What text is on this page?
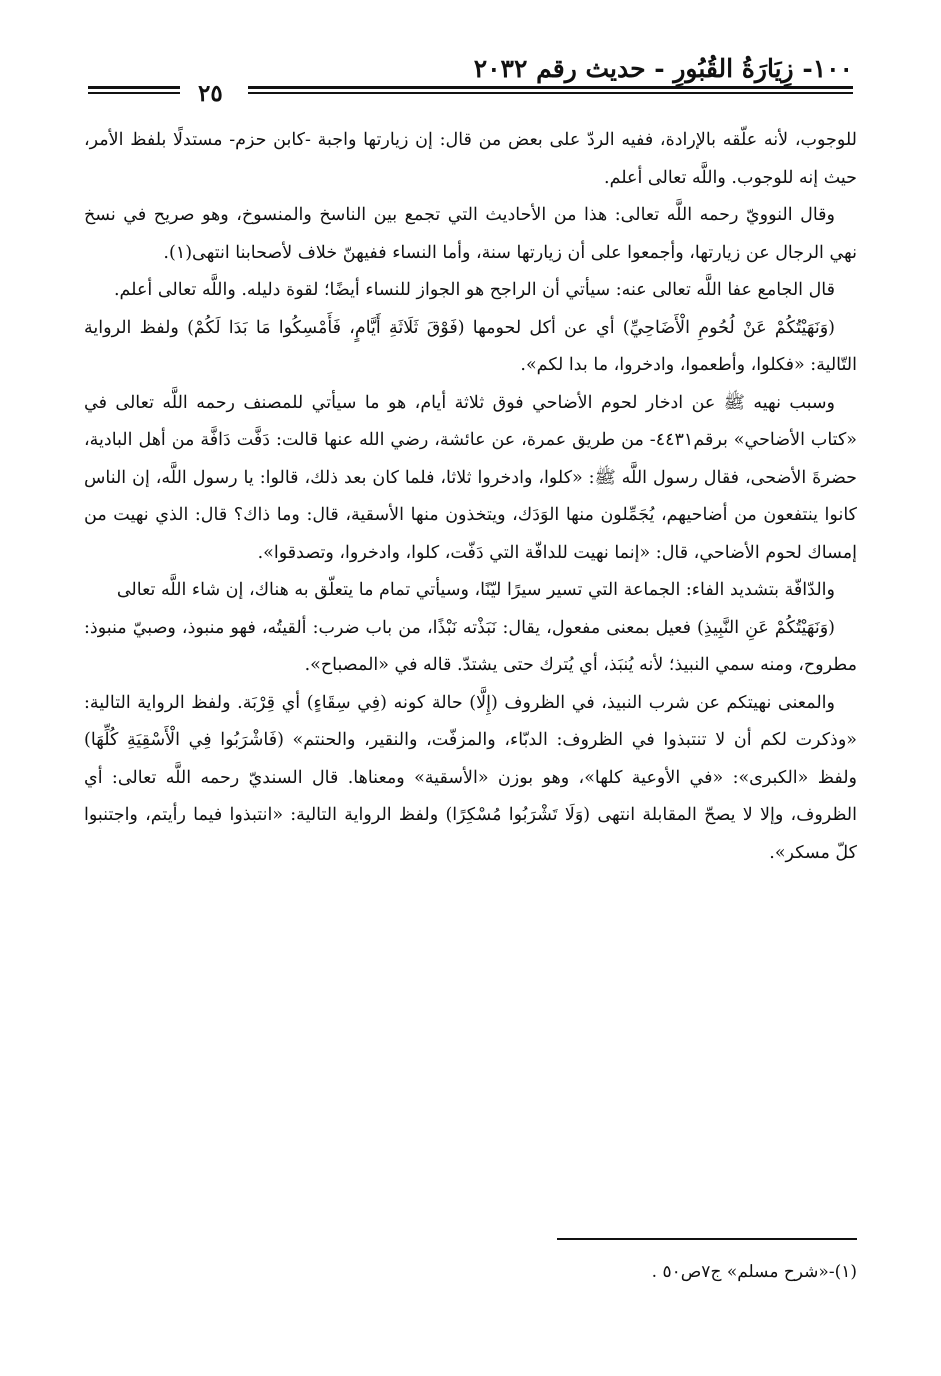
١٠٠- زِيَارَةُ القُبُورِ - حديث رقم ٢٠٣٢
٢٥

للوجوب، لأنه علّقه بالإرادة، ففيه الردّ على بعض من قال: إن زيارتها واجبة -كابن حزم- مستدلًا بلفظ الأمر، حيث إنه للوجوب. واللَّه تعالى أعلم.

وقال النوويّ رحمه اللَّه تعالى: هذا من الأحاديث التي تجمع بين الناسخ والمنسوخ، وهو صريح في نسخ نهي الرجال عن زيارتها، وأجمعوا على أن زيارتها سنة، وأما النساء ففيهنّ خلاف لأصحابنا انتهى(١).

قال الجامع عفا اللَّه تعالى عنه: سيأتي أن الراجح هو الجواز للنساء أيضًا؛ لقوة دليله. واللَّه تعالى أعلم.

(وَنَهَيْتُكُمْ عَنْ لُحُومِ الْأَضَاحِيِّ) أي عن أكل لحومها (فَوْقَ ثَلَاثَةِ أَيَّامٍ، فَأَمْسِكُوا مَا بَدَا لَكُمْ) ولفظ الرواية التّالية: «فكلوا، وأطعموا، وادخروا، ما بدا لكم».

وسبب نهيه ﷺ عن ادخار لحوم الأضاحي فوق ثلاثة أيام، هو ما سيأتي للمصنف رحمه اللَّه تعالى في «كتاب الأضاحي» برقم٤٤٣١- من طريق عمرة، عن عائشة، رضي الله عنها قالت: دَفَّت دَافَّة من أهل البادية، حضرةَ الأضحى، فقال رسول اللَّه ﷺ: «كلوا، وادخروا ثلاثا، فلما كان بعد ذلك، قالوا: يا رسول اللَّه، إن الناس كانوا ينتفعون من أضاحيهم، يُجَمِّلون منها الوَدَك، ويتخذون منها الأسقية، قال: وما ذاك؟ قال: الذي نهيت من إمساك لحوم الأضاحي، قال: «إنما نهيت للدافّة التي دَفّت، كلوا، وادخروا، وتصدقوا».

والدّافّة بتشديد الفاء: الجماعة التي تسير سيرًا ليّنًا، وسيأتي تمام ما يتعلّق به هناك، إن شاء اللَّه تعالى

(وَنَهَيْتُكُمْ عَنِ النَّبِيذِ) فعيل بمعنى مفعول، يقال: نَبَذْته نَبْذًا، من باب ضرب: ألقيتُه، فهو منبوذ، وصبيّ منبوذ: مطروح، ومنه سمي النبيذ؛ لأنه يُنبَذ، أي يُترك حتى يشتدّ. قاله في «المصباح».

والمعنى نهيتكم عن شرب النبيذ، في الظروف (إِلَّا) حالة كونه (فِي سِقَاءٍ) أي قِرْبَة. ولفظ الرواية التالية: «وذكرت لكم أن لا تنتبذوا في الظروف: الدبّاء، والمزفّت، والنقير، والحنتم» (فَاشْرَبُوا فِي الْأَسْقِيَةِ كُلِّهَا) ولفظ «الكبرى»: «في الأوعية كلها»، وهو بوزن «الأسقية» ومعناها. قال السنديّ رحمه اللَّه تعالى: أي الظروف، وإلا لا يصحّ المقابلة انتهى (وَلَا تَشْرَبُوا مُسْكِرًا) ولفظ الرواية التالية: «انتبذوا فيما رأيتم، واجتنبوا كلّ مسكر».

(١)-«شرح مسلم» ج٧ص٥٠ .
